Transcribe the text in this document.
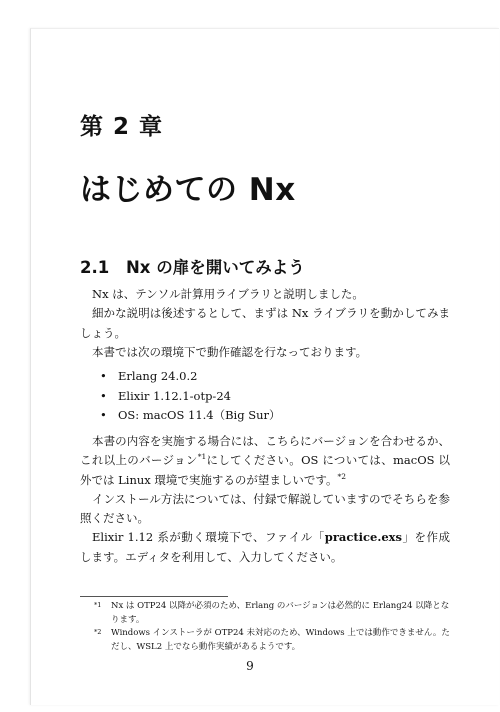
第 2 章
はじめての Nx
2.1 Nx の扉を開いてみよう

Nx は、テンソル計算用ライブラリと説明しました。

細かな説明は後述するとして、まずは Nx ライブラリを動かしてみましょう。

本書では次の環境下で動作確認を行なっております。

• Erlang 24.0.2
• Elixir 1.12.1-otp-24
• OS: macOS 11.4（Big Sur）

本書の内容を実施する場合には、こちらにバージョンを合わせるか、これ以上のバージョン$^{*1}$にしてください。OS については、macOS 以外では Linux 環境で実施するのが望ましいです。$^{*2}$

インストール方法については、付録で解説していますのでそちらを参照ください。

Elixir 1.12 系が動く環境下で、ファイル「practice.exs」を作成します。エディタを利用して、入力してください。

*1 Nx は OTP24 以降が必須のため、Erlang のバージョンは必然的に Erlang24 以降となります。
*2 Windows インストーラが OTP24 未対応のため、Windows 上では動作できません。ただし、WSL2 上でなら動作実績があるようです。
9
